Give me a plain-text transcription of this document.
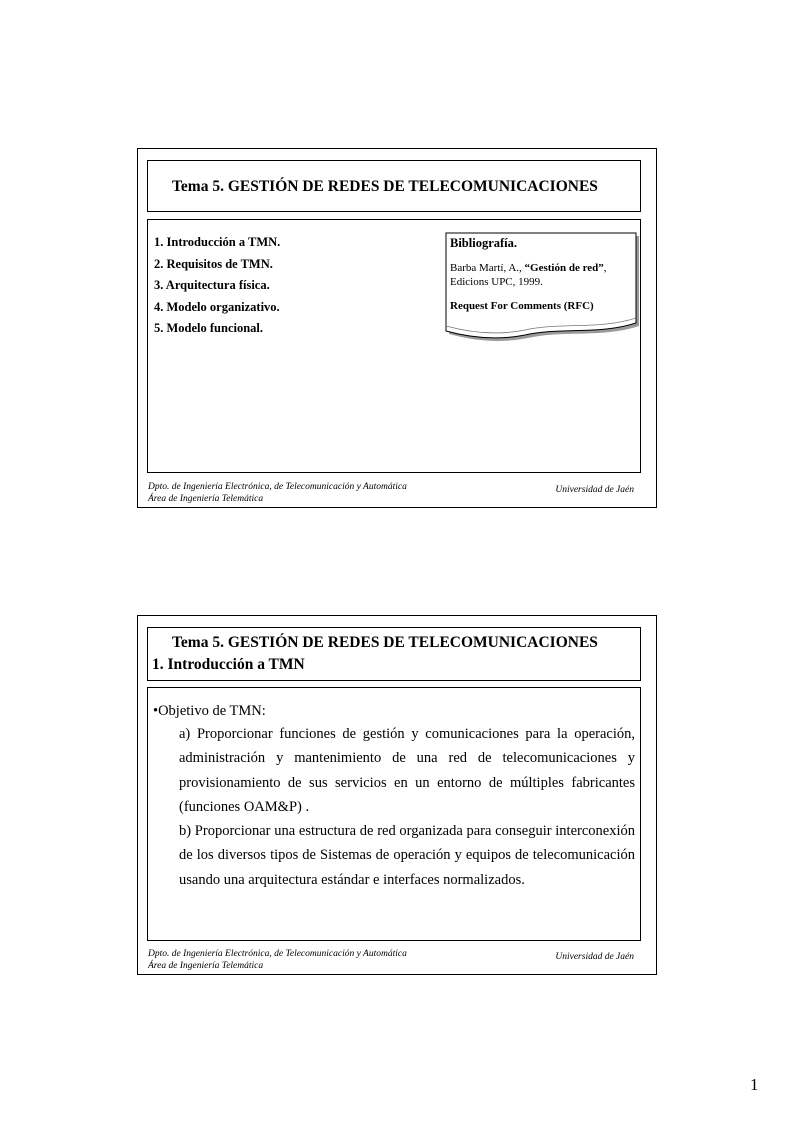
Tema 5. GESTIÓN DE REDES DE TELECOMUNICACIONES
1. Introducción a TMN.
2. Requisitos de TMN.
3. Arquitectura física.
4. Modelo organizativo.
5. Modelo funcional.
Bibliografía.
Barba Martí, A., “Gestión de red”, Edicions UPC, 1999.
Request For Comments (RFC)
Dpto. de Ingeniería Electrónica, de Telecomunicación y Automática
Área de Ingeniería Telemática
Universidad de Jaén
Tema 5. GESTIÓN DE REDES DE TELECOMUNICACIONES
1. Introducción a TMN
•Objetivo de TMN:

a) Proporcionar funciones de gestión y comunicaciones para la operación, administración y mantenimiento de una red de telecomunicaciones y provisionamiento de sus servicios en un entorno de múltiples fabricantes (funciones OAM&P) .

b) Proporcionar una estructura de red organizada para conseguir interconexión de los diversos tipos de Sistemas de operación y equipos de telecomunicación usando una arquitectura estándar e interfaces normalizados.

Dpto. de Ingeniería Electrónica, de Telecomunicación y Automática
Área de Ingeniería Telemática
Universidad de Jaén
1
